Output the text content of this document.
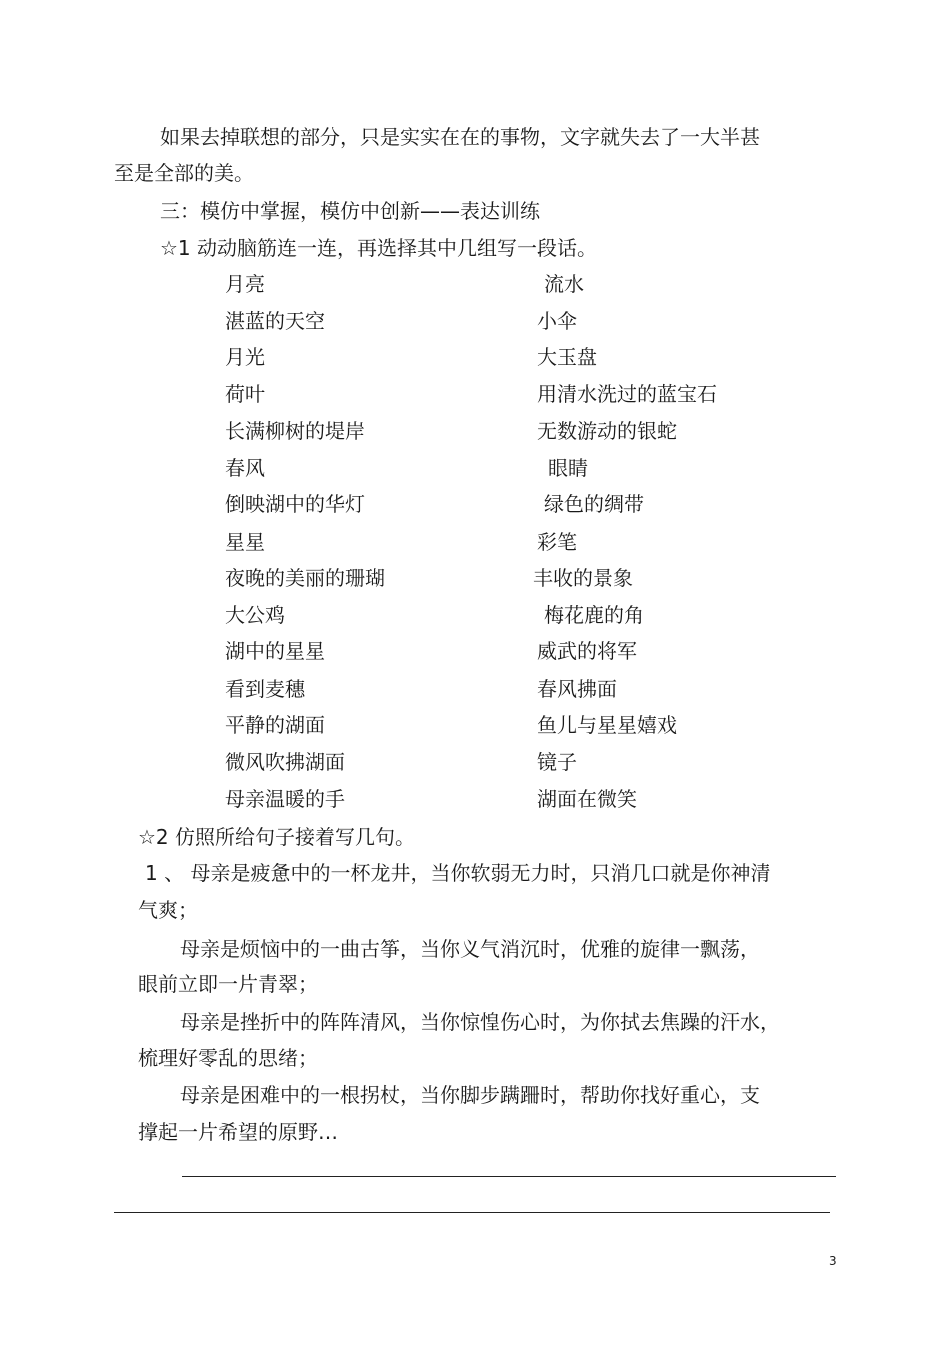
如果去掉联想的部分，只是实实在在的事物，文字就失去了一大半甚
至是全部的美。
三：模仿中掌握，模仿中创新——表达训练
☆1 动动脑筋连一连，再选择其中几组写一段话。
月亮	流水
湛蓝的天空	小伞
月光	大玉盘
荷叶	用清水洗过的蓝宝石
长满柳树的堤岸	无数游动的银蛇
春风	眼睛
倒映湖中的华灯	绿色的绸带
星星	彩笔
夜晚的美丽的珊瑚	丰收的景象
大公鸡	梅花鹿的角
湖中的星星	威武的将军
看到麦穗	春风拂面
平静的湖面	鱼儿与星星嬉戏
微风吹拂湖面	镜子
母亲温暖的手	湖面在微笑
☆2 仿照所给句子接着写几句。
1 、 母亲是疲惫中的一杯龙井，当你软弱无力时，只消几口就是你神清
气爽；
母亲是烦恼中的一曲古筝，当你义气消沉时，优雅的旋律一飘荡，
眼前立即一片青翠；
母亲是挫折中的阵阵清风，当你惊惶伤心时，为你拭去焦躁的汗水，
梳理好零乱的思绪；
母亲是困难中的一根拐杖，当你脚步蹒跚时，帮助你找好重心，支
撑起一片希望的原野…
3
